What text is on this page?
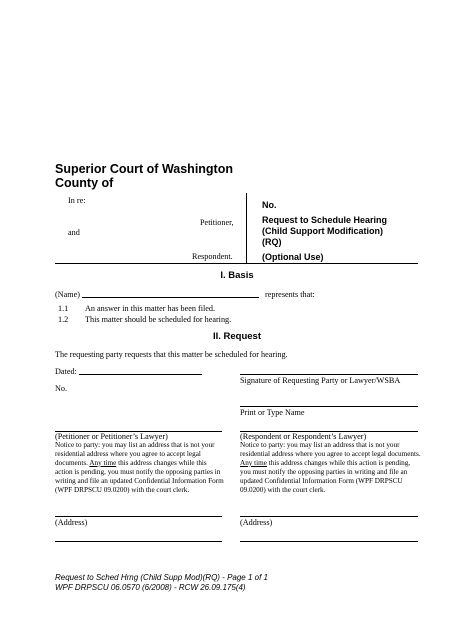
Superior Court of Washington
County of
In re:
Petitioner,
and
Respondent.
No.
Request to Schedule Hearing
(Child Support Modification)
(RQ)
(Optional Use)
I. Basis
(Name)	represents that:
1.1 An answer in this matter has been filed.
1.2 This matter should be scheduled for hearing.
II. Request
The requesting party requests that this matter be scheduled for hearing.
Dated:
Signature of Requesting Party or Lawyer/WSBA
No.
Print or Type Name
(Petitioner or Petitioner’s Lawyer)
Notice to party: you may list an address that is not your residential address where you agree to accept legal documents. Any time this address changes while this action is pending, you must notify the opposing parties in writing and file an updated Confidential Information Form (WPF DRPSCU 09.0200) with the court clerk.
(Respondent or Respondent’s Lawyer)
Notice to party: you may list an address that is not your residential address where you agree to accept legal documents. Any time this address changes while this action is pending, you must notify the opposing parties in writing and file an updated Confidential Information Form (WPF DRPSCU 09.0200) with the court clerk.
(Address)	(Address)
Request to Sched Hrng (Child Supp Mod)(RQ) - Page 1 of 1
WPF DRPSCU 06.0570 (6/2008) - RCW 26.09.175(4)
